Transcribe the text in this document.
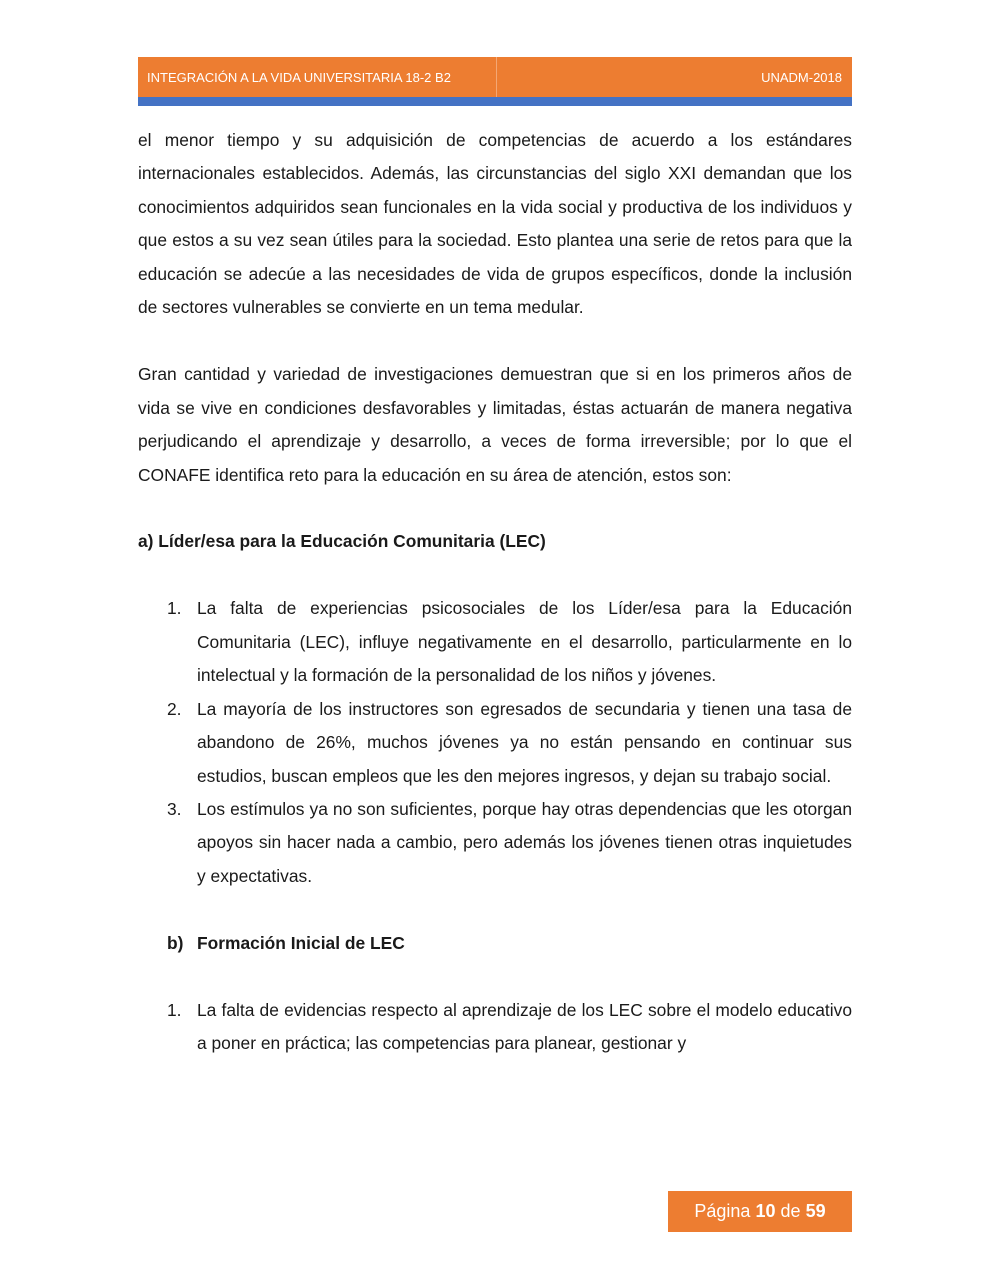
INTEGRACIÓN A LA VIDA UNIVERSITARIA 18-2 B2	UNADM-2018

el menor tiempo y su adquisición de competencias de acuerdo a los estándares internacionales establecidos. Además, las circunstancias del siglo XXI demandan que los conocimientos adquiridos sean funcionales en la vida social y productiva de los individuos y que estos a su vez sean útiles para la sociedad. Esto plantea una serie de retos para que la educación se adecúe a las necesidades de vida de grupos específicos, donde la inclusión de sectores vulnerables se convierte en un tema medular.

Gran cantidad y variedad de investigaciones demuestran que si en los primeros años de vida se vive en condiciones desfavorables y limitadas, éstas actuarán de manera negativa perjudicando el aprendizaje y desarrollo, a veces de forma irreversible; por lo que el CONAFE identifica reto para la educación en su área de atención, estos son:

a) Líder/esa para la Educación Comunitaria (LEC)
1. La falta de experiencias psicosociales de los Líder/esa para la Educación Comunitaria (LEC), influye negativamente en el desarrollo, particularmente en lo intelectual y la formación de la personalidad de los niños y jóvenes.
2. La mayoría de los instructores son egresados de secundaria y tienen una tasa de abandono de 26%, muchos jóvenes ya no están pensando en continuar sus estudios, buscan empleos que les den mejores ingresos, y dejan su trabajo social.
3. Los estímulos ya no son suficientes, porque hay otras dependencias que les otorgan apoyos sin hacer nada a cambio, pero además los jóvenes tienen otras inquietudes y expectativas.
b) Formación Inicial de LEC
1. La falta de evidencias respecto al aprendizaje de los LEC sobre el modelo educativo a poner en práctica; las competencias para planear, gestionar y
Página
10
de
59
